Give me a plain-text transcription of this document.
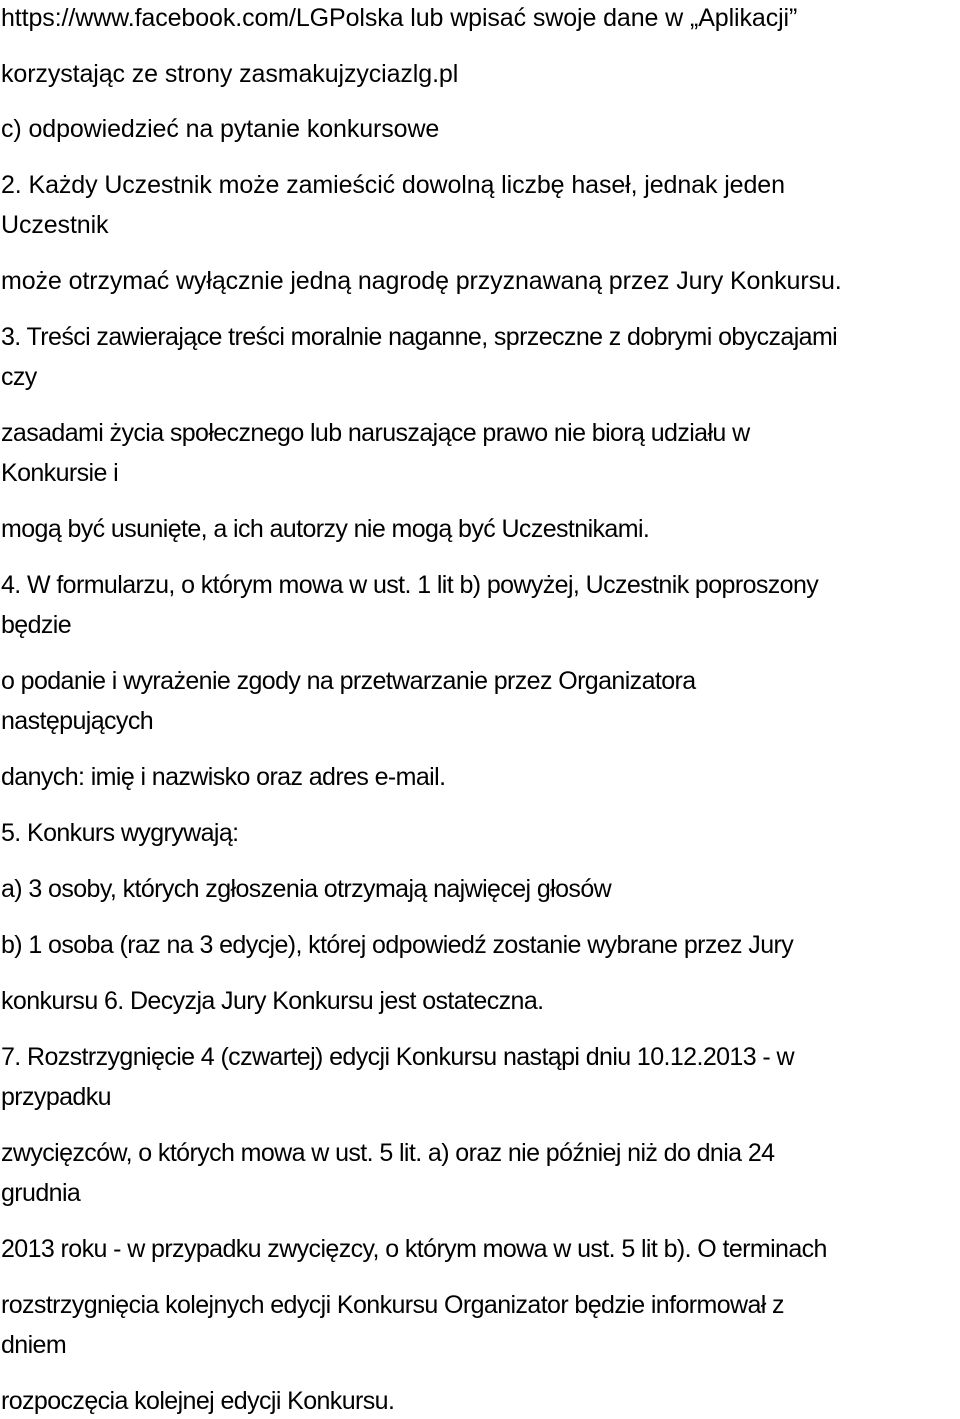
https://www.facebook.com/LGPolska lub wpisać swoje dane w „Aplikacji”

korzystając ze strony zasmakujzyciazlg.pl

c) odpowiedzieć na pytanie konkursowe

2. Każdy Uczestnik może zamieścić dowolną liczbę haseł, jednak jeden

Uczestnik

może otrzymać wyłącznie jedną nagrodę przyznawaną przez Jury Konkursu.

3. Treści zawierające treści moralnie naganne, sprzeczne z dobrymi obyczajami

czy

zasadami życia społecznego lub naruszające prawo nie biorą udziału w

Konkursie i

mogą być usunięte, a ich autorzy nie mogą być Uczestnikami.

4. W formularzu, o którym mowa w ust. 1 lit b) powyżej, Uczestnik poproszony

będzie

o podanie i wyrażenie zgody na przetwarzanie przez Organizatora

następujących

danych: imię i nazwisko oraz adres e-mail.

5. Konkurs wygrywają:

a) 3 osoby, których zgłoszenia otrzymają najwięcej głosów

b) 1 osoba (raz na 3 edycje), której odpowiedź zostanie wybrane przez Jury

konkursu 6. Decyzja Jury Konkursu jest ostateczna.

7. Rozstrzygnięcie 4 (czwartej) edycji Konkursu nastąpi dniu 10.12.2013 - w

przypadku

zwycięzców, o których mowa w ust. 5 lit. a) oraz nie później niż do dnia 24

grudnia

2013 roku - w przypadku zwycięzcy, o którym mowa w ust. 5 lit b). O terminach

rozstrzygnięcia kolejnych edycji Konkursu Organizator będzie informował z

dniem

rozpoczęcia kolejnej edycji Konkursu.
